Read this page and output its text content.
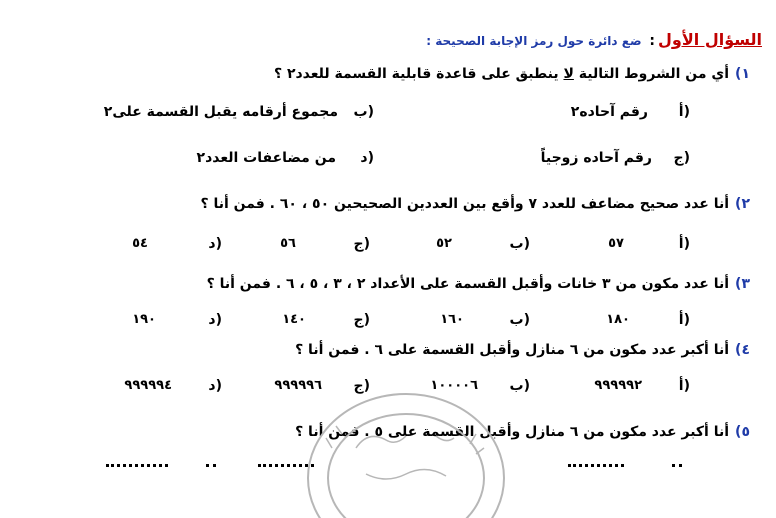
السؤال الأول: ضع دائرة حول رمز الإجابة الصحيحة :
١)أي من الشروط التالية لا ينطبق على قاعدة قابلية القسمة للعدد٢ ؟
أ)
رقم آحاده٢
ب)
مجموع أرقامه يقبل القسمة على٢
ج)
رقم آحاده زوجياً
د)
من مضاعفات العدد٢
٢)أنا عدد صحيح مضاعف للعدد ٧ وأقع بين العددين الصحيحين ٥٠ ، ٦٠ . فمن أنا ؟
أ)
٥٧
ب)
٥٢
ج)
٥٦
د)
٥٤
٣)أنا عدد مكون من ٣ خانات وأقبل القسمة على الأعداد ٢ ، ٣ ، ٥ ، ٦ . فمن أنا ؟
أ)
١٨٠
ب)
١٦٠
ج)
١٤٠
د)
١٩٠
٤)أنا أكبر عدد مكون من ٦ منازل وأقبل القسمة على ٦ . فمن أنا ؟
أ)
٩٩٩٩٩٢
ب)
١٠٠٠٠٦
ج)
٩٩٩٩٩٦
د)
٩٩٩٩٩٤
٥)أنا أكبر عدد مكون من ٦ منازل وأقبل القسمة على ٥ . فمن أنا ؟
